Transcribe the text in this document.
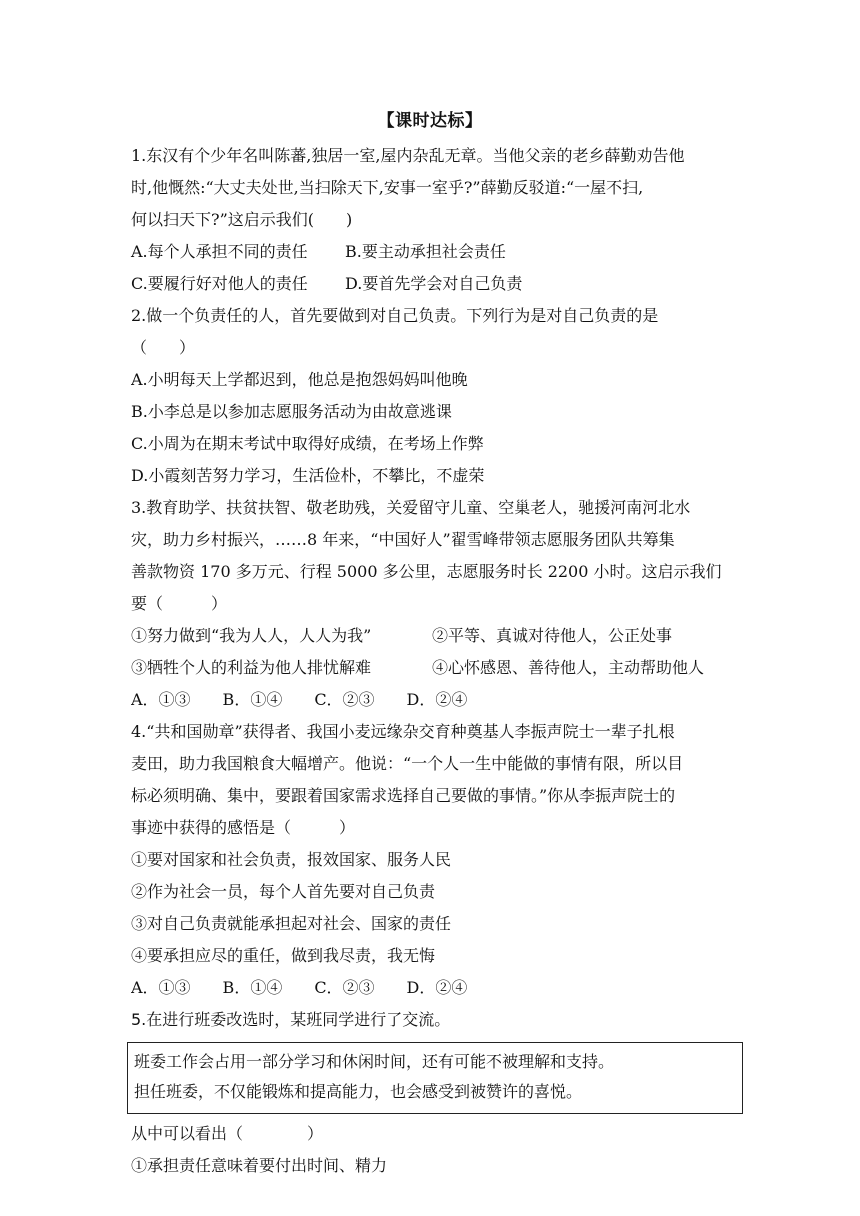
【课时达标】
1.东汉有个少年名叫陈蕃,独居一室,屋内杂乱无章。当他父亲的老乡薛勤劝告他
时,他慨然:“大丈夫处世,当扫除天下,安事一室乎?”薛勤反驳道:“一屋不扫,
何以扫天下?”这启示我们(　　)
A.每个人承担不同的责任	B.要主动承担社会责任
C.要履行好对他人的责任	D.要首先学会对自己负责
2.做一个负责任的人，首先要做到对自己负责。下列行为是对自己负责的是
（　　）
A.小明每天上学都迟到，他总是抱怨妈妈叫他晚
B.小李总是以参加志愿服务活动为由故意逃课
C.小周为在期末考试中取得好成绩，在考场上作弊
D.小霞刻苦努力学习，生活俭朴，不攀比，不虚荣
3.教育助学、扶贫扶智、敬老助残，关爱留守儿童、空巢老人，驰援河南河北水
灾，助力乡村振兴，……8 年来，“中国好人”翟雪峰带领志愿服务团队共筹集
善款物资 170 多万元、行程 5000 多公里，志愿服务时长 2200 小时。这启示我们
要（　　　）
①努力做到“我为人人，人人为我”	②平等、真诚对待他人，公正处事
③牺牲个人的利益为他人排忧解难	④心怀感恩、善待他人，主动帮助他人
A．①③　　B．①④　　C．②③　　D．②④
4.“共和国勋章”获得者、我国小麦远缘杂交育种奠基人李振声院士一辈子扎根
麦田，助力我国粮食大幅增产。他说：“一个人一生中能做的事情有限，所以目
标必须明确、集中，要跟着国家需求选择自己要做的事情。”你从李振声院士的
事迹中获得的感悟是（　　　）
①要对国家和社会负责，报效国家、服务人民
②作为社会一员，每个人首先要对自己负责
③对自己负责就能承担起对社会、国家的责任
④要承担应尽的重任，做到我尽责，我无悔
A．①③　　B．①④　　C．②③　　D．②④
5.在进行班委改选时，某班同学进行了交流。
班委工作会占用一部分学习和休闲时间，还有可能不被理解和支持。
担任班委，不仅能锻炼和提高能力，也会感受到被赞许的喜悦。
从中可以看出（　　　　）
①承担责任意味着要付出时间、精力
